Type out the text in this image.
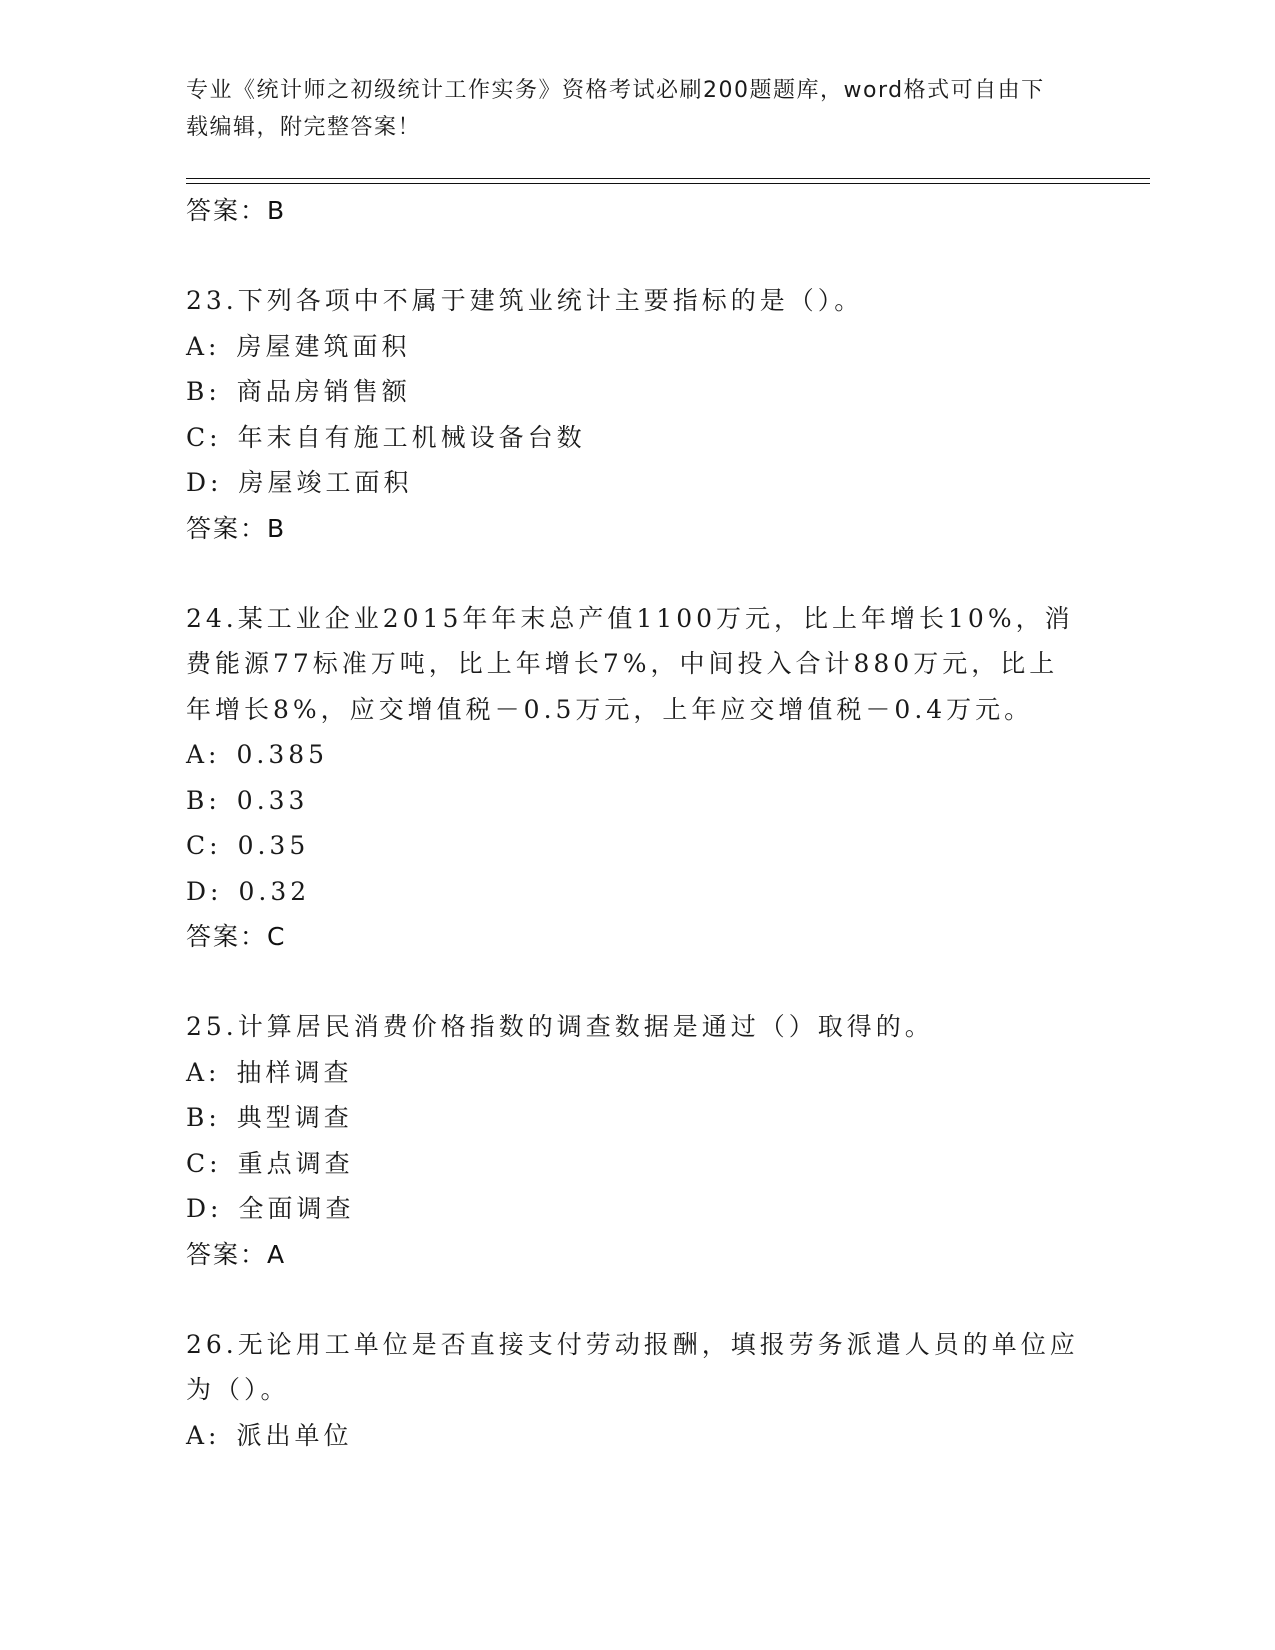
专业《统计师之初级统计工作实务》资格考试必刷200题题库，word格式可自由下载编辑，附完整答案！
答案：B

23.下列各项中不属于建筑业统计主要指标的是（）。

A: 房屋建筑面积

B: 商品房销售额

C: 年末自有施工机械设备台数

D: 房屋竣工面积

答案：B

24.某工业企业2015年年末总产值1100万元，比上年增长10%，消费能源77标准万吨，比上年增长7%，中间投入合计880万元，比上年增长8%，应交增值税－0.5万元，上年应交增值税－0.4万元。

A: 0.385

B: 0.33

C: 0.35

D: 0.32

答案：C

25.计算居民消费价格指数的调查数据是通过（）取得的。

A: 抽样调查

B: 典型调查

C: 重点调查

D: 全面调查

答案：A

26.无论用工单位是否直接支付劳动报酬，填报劳务派遣人员的单位应为（）。

A: 派出单位
